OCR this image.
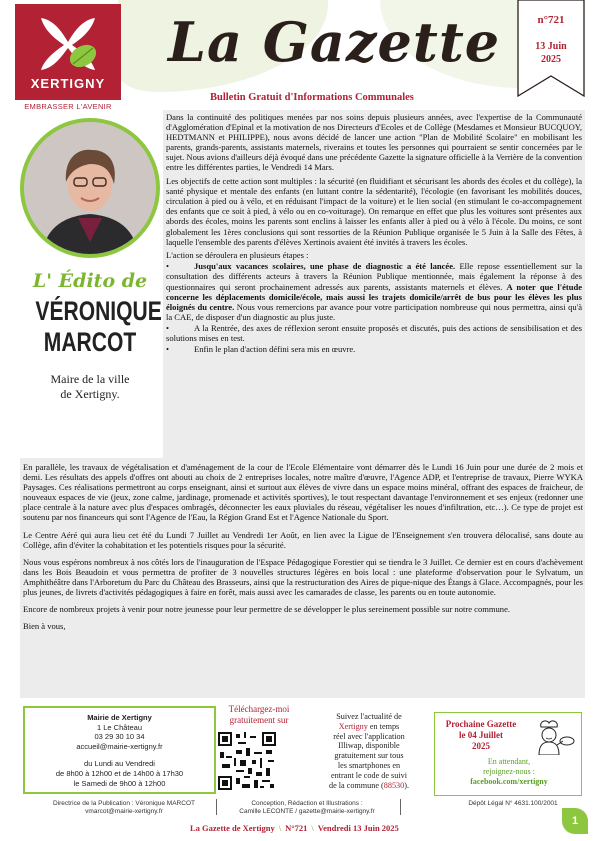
XERTIGNY
EMBRASSER L'AVENIR
La Gazette
Bulletin Gratuit d'Informations Communales
n°721
13 Juin
2025
L' Édito de
VÉRONIQUE
MARCOT
Maire de la ville
de Xertigny.

Dans la continuité des politiques menées par nos soins depuis plusieurs années, avec l'expertise de la Communauté d'Agglomération d'Epinal et la motivation de nos Directeurs d'Ecoles et de Collège (Mesdames et Monsieur BUCQUOY, HEDTMANN et PHILIPPE), nous avons décidé de lancer une action "Plan de Mobilité Scolaire" en mobilisant les parents, grands-parents, assistants maternels, riverains et toutes les personnes qui pourraient se sentir concernées par le sujet. Nous avions d'ailleurs déjà évoqué dans une précédente Gazette la signature officielle à la Verrière de la convention entre les différentes parties, le Vendredi 14 Mars.

Les objectifs de cette action sont multiples : la sécurité (en fluidifiant et sécurisant les abords des écoles et du collège), la santé physique et mentale des enfants (en luttant contre la sédentarité), l'écologie (en favorisant les mobilités douces, circulation à pied ou à vélo, et en réduisant l'impact de la voiture) et le lien social (en stimulant le co-accompagnement des enfants que ce soit à pied, à vélo ou en co-voiturage). On remarque en effet que plus les voitures sont présentes aux abords des écoles, moins les parents sont enclins à laisser les enfants aller à pied ou à vélo à l'école. Du moins, ce sont globalement les 1ères conclusions qui sont ressorties de la Réunion Publique organisée le 5 Juin à la Salle des Fêtes, à laquelle l'ensemble des parents d'élèves Xertinois avaient été invités à travers les écoles.

L'action se déroulera en plusieurs étapes :

•	Jusqu'aux vacances scolaires, une phase de diagnostic a été lancée. Elle repose essentiellement sur la consultation des différents acteurs à travers la Réunion Publique mentionnée, mais également la réponse à des questionnaires qui seront prochainement adressés aux parents, assistants maternels et élèves. A noter que l'étude concerne les déplacements domicile/école, mais aussi les trajets domicile/arrêt de bus pour les élèves les plus éloignés du centre. Nous vous remercions par avance pour votre participation nombreuse qui nous permettra, ainsi qu'à la CAE, de disposer d'un diagnostic au plus juste.

•	A la Rentrée, des axes de réflexion seront ensuite proposés et discutés, puis des actions de sensibilisation et des solutions mises en test.

•	Enfin le plan d'action défini sera mis en œuvre.

En parallèle, les travaux de végétalisation et d'aménagement de la cour de l'Ecole Elémentaire vont démarrer dès le Lundi 16 Juin pour une durée de 2 mois et demi. Les résultats des appels d'offres ont abouti au choix de 2 entreprises locales, notre maître d'œuvre, l'Agence ADP, et l'entreprise de travaux, Pierre WYKA Paysages. Ces réalisations permettront au corps enseignant, ainsi et surtout aux élèves de vivre dans un espace moins minéral, offrant des espaces de fraicheur, de nouveaux espaces de vie (jeux, zone calme, jardinage, promenade et activités sportives), le tout respectant davantage l'environnement et ses enjeux (redonner une place centrale à la nature avec plus d'espaces ombragés, déconnecter les eaux pluviales du réseau, végétaliser les noues d'infiltration, etc…). Ce type de projet est soutenu par nos financeurs qui sont l'Agence de l'Eau, la Région Grand Est et l'Agence Nationale du Sport.

Le Centre Aéré qui aura lieu cet été du Lundi 7 Juillet au Vendredi 1er Août, en lien avec la Ligue de l'Enseignement s'en trouvera délocalisé, sans doute au Collège, afin d'éviter la cohabitation et les potentiels risques pour la sécurité.

Nous vous espérons nombreux à nos côtés lors de l'inauguration de l'Espace Pédagogique Forestier qui se tiendra le 3 Juillet. Ce dernier est en cours d'achèvement dans les Bois Beaudoin et vous permettra de profiter de 3 nouvelles structures légères en bois local : une plateforme d'observation pour le Sylvatum, un Amphithéâtre dans l'Arboretum du Parc du Château des Brasseurs, ainsi que la restructuration des Aires de pique-nique des Étangs à Glace. Accompagnés, pour les plus jeunes, de livrets d'activités pédagogiques à faire en forêt, mais aussi avec les camarades de classe, les parents ou en toute autonomie.

Encore de nombreux projets à venir pour notre jeunesse pour leur permettre de se développer le plus sereinement possible sur notre commune.

Bien à vous,

Mairie de Xertigny
1 Le Château
03 29 30 10 34
accueil@mairie-xertigny.fr
du Lundi au Vendredi
de 8h00 à 12h00 et de 14h00 à 17h30
le Samedi de 9h00 à 12h00
Téléchargez-moi
gratuitement sur	Suivez l'actualité de
Xertigny en temps
réel avec l'application
Illiwap, disponible
gratuitement sur tous
les smartphones en
entrant le code de suivi
de la commune (88530).
Prochaine Gazette
le 04 Juillet
2025
En attendant,
rejoignez-nous :
facebook.com/xertigny
Directrice de la Publication : Véronique MARCOT
vmarcot@mairie-xertigny.fr
Conception, Rédaction et Illustrations :
Camille LECONTE / gazette@mairie-xertigny.fr
Dépôt Légal N° 4631.100/2001
La Gazette de Xertigny \ N°721 \ Vendredi 13 Juin 2025
1
